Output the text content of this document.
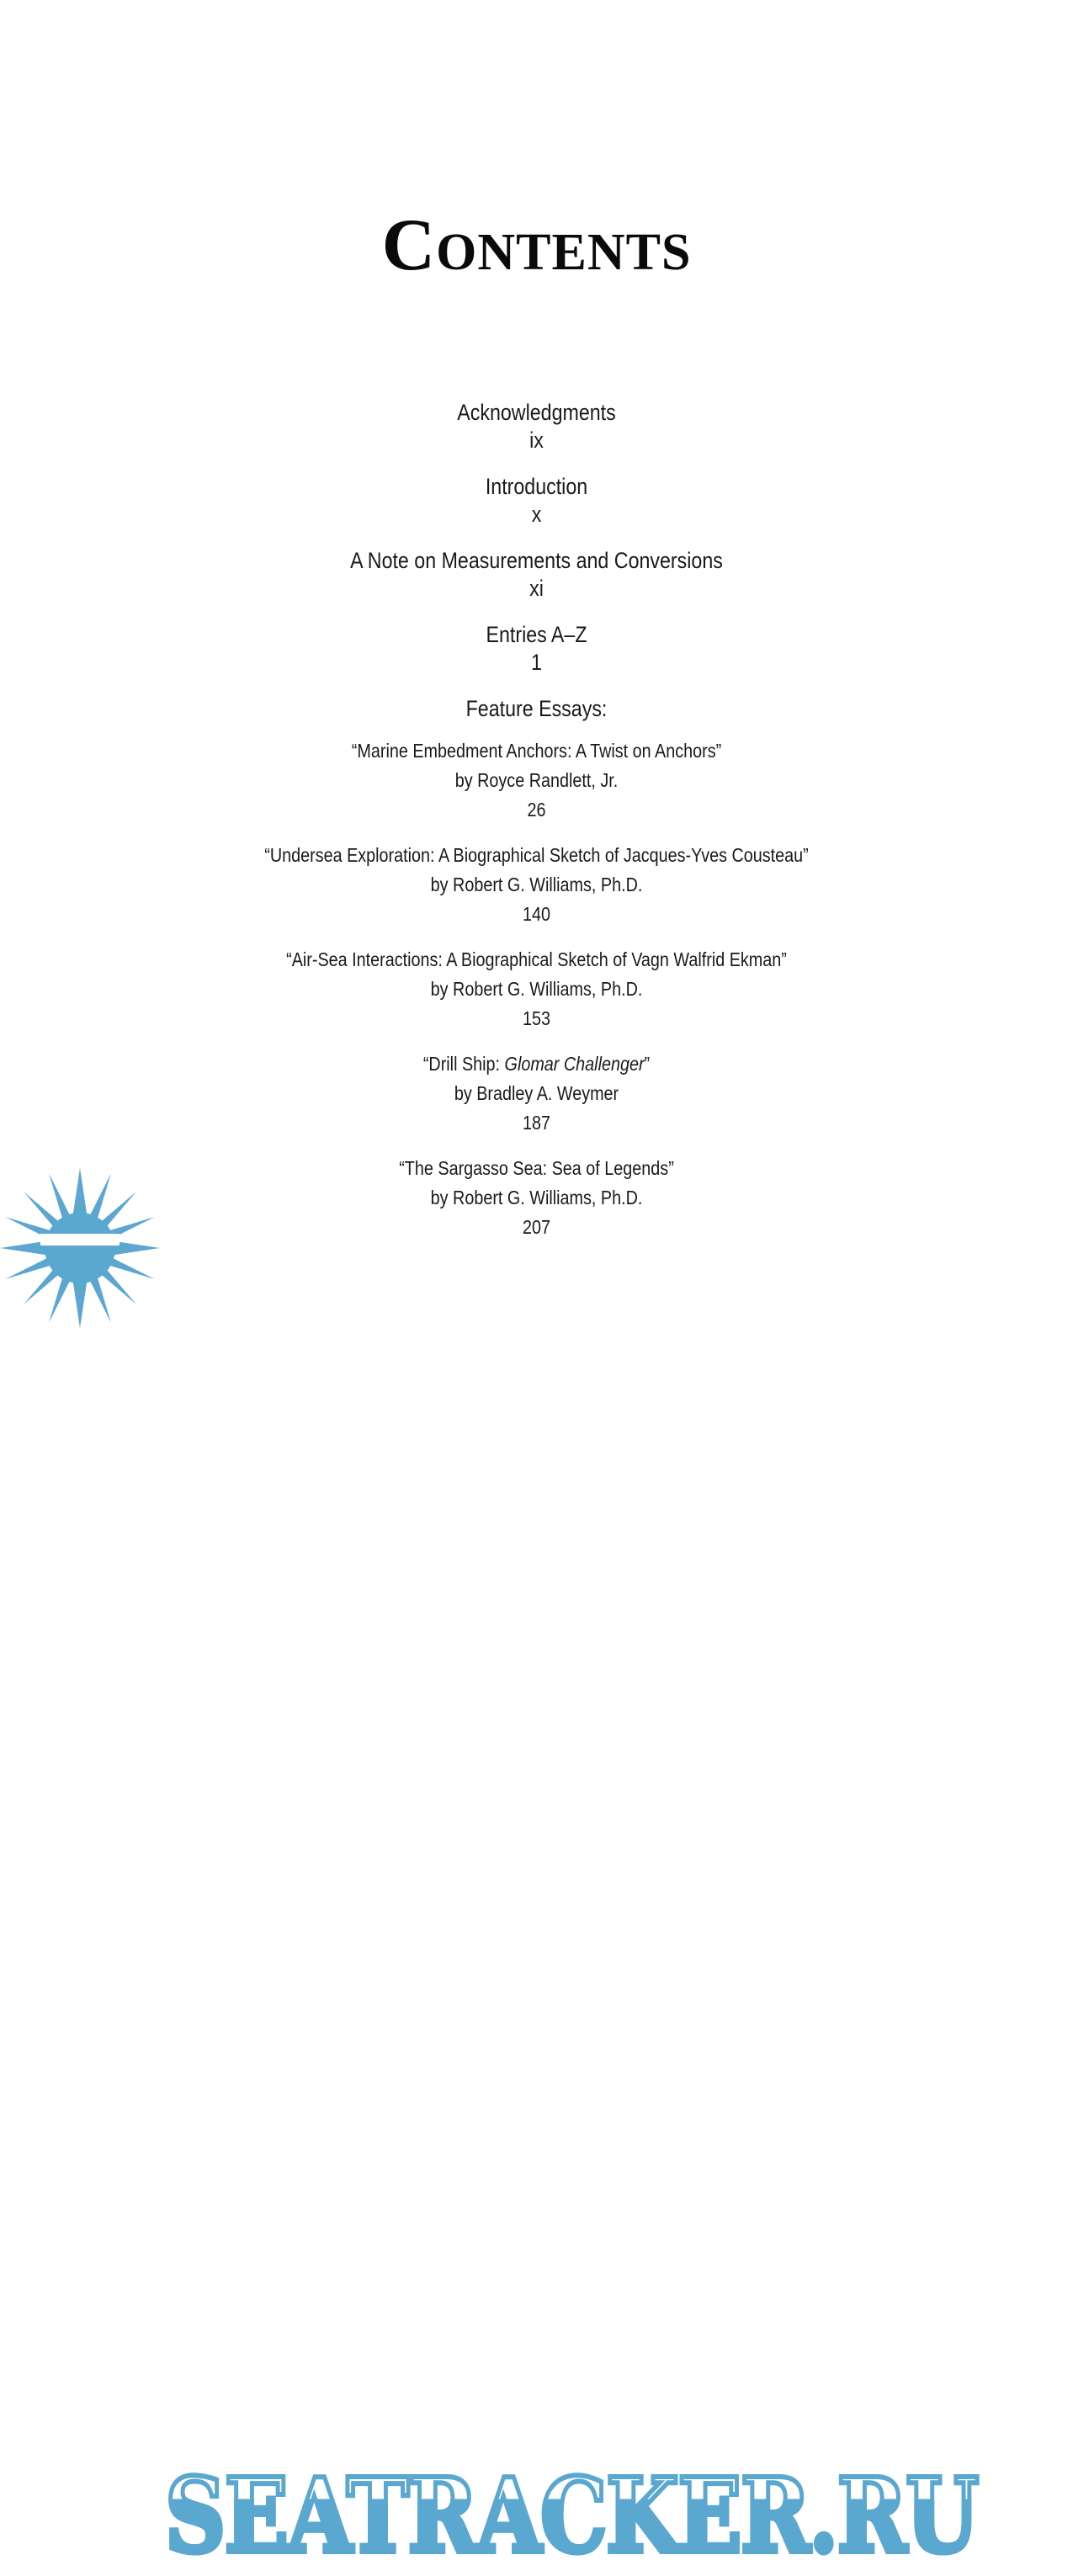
Contents
Acknowledgments
ix
Introduction
x
A Note on Measurements and Conversions
xi
Entries A–Z
1
Feature Essays:
“Marine Embedment Anchors: A Twist on Anchors”
by Royce Randlett, Jr.
26
“Undersea Exploration: A Biographical Sketch of Jacques-Yves Cousteau”
by Robert G. Williams, Ph.D.
140
“Air-Sea Interactions: A Biographical Sketch of Vagn Walfrid Ekman”
by Robert G. Williams, Ph.D.
153
“Drill Ship: Glomar Challenger”
by Bradley A. Weymer
187
“The Sargasso Sea: Sea of Legends”
by Robert G. Williams, Ph.D.
207
SEATRACKER.RU
